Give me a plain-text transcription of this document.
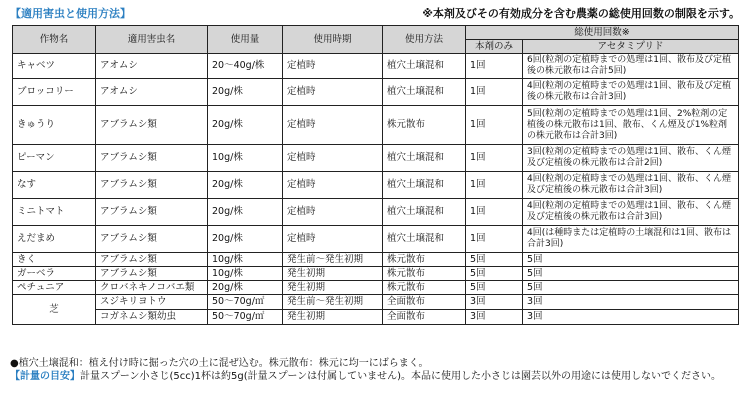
【適用害虫と使用方法】	※本剤及びその有効成分を含む農薬の総使用回数の制限を示す。
作物名	適用害虫名	使用量	使用時期	使用方法	総使用回数※	
					本剤のみ	アセタミプリド
キャベツ	アオムシ	20～40g/株	定植時	植穴土壌混和	1回	6回(粒剤の定植時までの処理は1回、散布及び定植後の株元散布は合計5回)
ブロッコリー	アオムシ	20g/株	定植時	植穴土壌混和	1回	4回(粒剤の定植時までの処理は1回、散布及び定植後の株元散布は合計3回)
きゅうり	アブラムシ類	20g/株	定植時	株元散布	1回	5回(粒剤の定植時までの処理は1回、2%粒剤の定植後の株元散布は1回、散布、くん煙及び1%粒剤の株元散布は合計3回)
ピーマン	アブラムシ類	10g/株	定植時	植穴土壌混和	1回	3回(粒剤の定植時までの処理は1回、散布、くん煙及び定植後の株元散布は合計2回)
なす	アブラムシ類	20g/株	定植時	植穴土壌混和	1回	4回(粒剤の定植時までの処理は1回、散布、くん煙及び定植後の株元散布は合計3回)
ミニトマト	アブラムシ類	20g/株	定植時	植穴土壌混和	1回	4回(粒剤の定植時までの処理は1回、散布、くん煙及び定植後の株元散布は合計3回)
えだまめ	アブラムシ類	20g/株	定植時	植穴土壌混和	1回	4回(は種時または定植時の土壌混和は1回、散布は合計3回)
きく	アブラムシ類	10g/株	発生前～発生初期	株元散布	5回	5回
ガーベラ	アブラムシ類	10g/株	発生初期	株元散布	5回	5回
ペチュニア	クロバネキノコバエ類	20g/株	発生初期	株元散布	5回	5回
芝	スジキリヨトウ	50～70g/㎡	発生前～発生初期	全面散布	3回	3回
	コガネムシ類幼虫	50～70g/㎡	発生初期	全面散布	3回	3回
●植穴土壌混和：植え付け時に掘った穴の土に混ぜ込む。株元散布：株元に均一にばらまく。
【計量の目安】計量スプーン小さじ(5cc)1杯は約5g(計量スプーンは付属していません)。本品に使用した小さじは園芸以外の用途には使用しないでください。
